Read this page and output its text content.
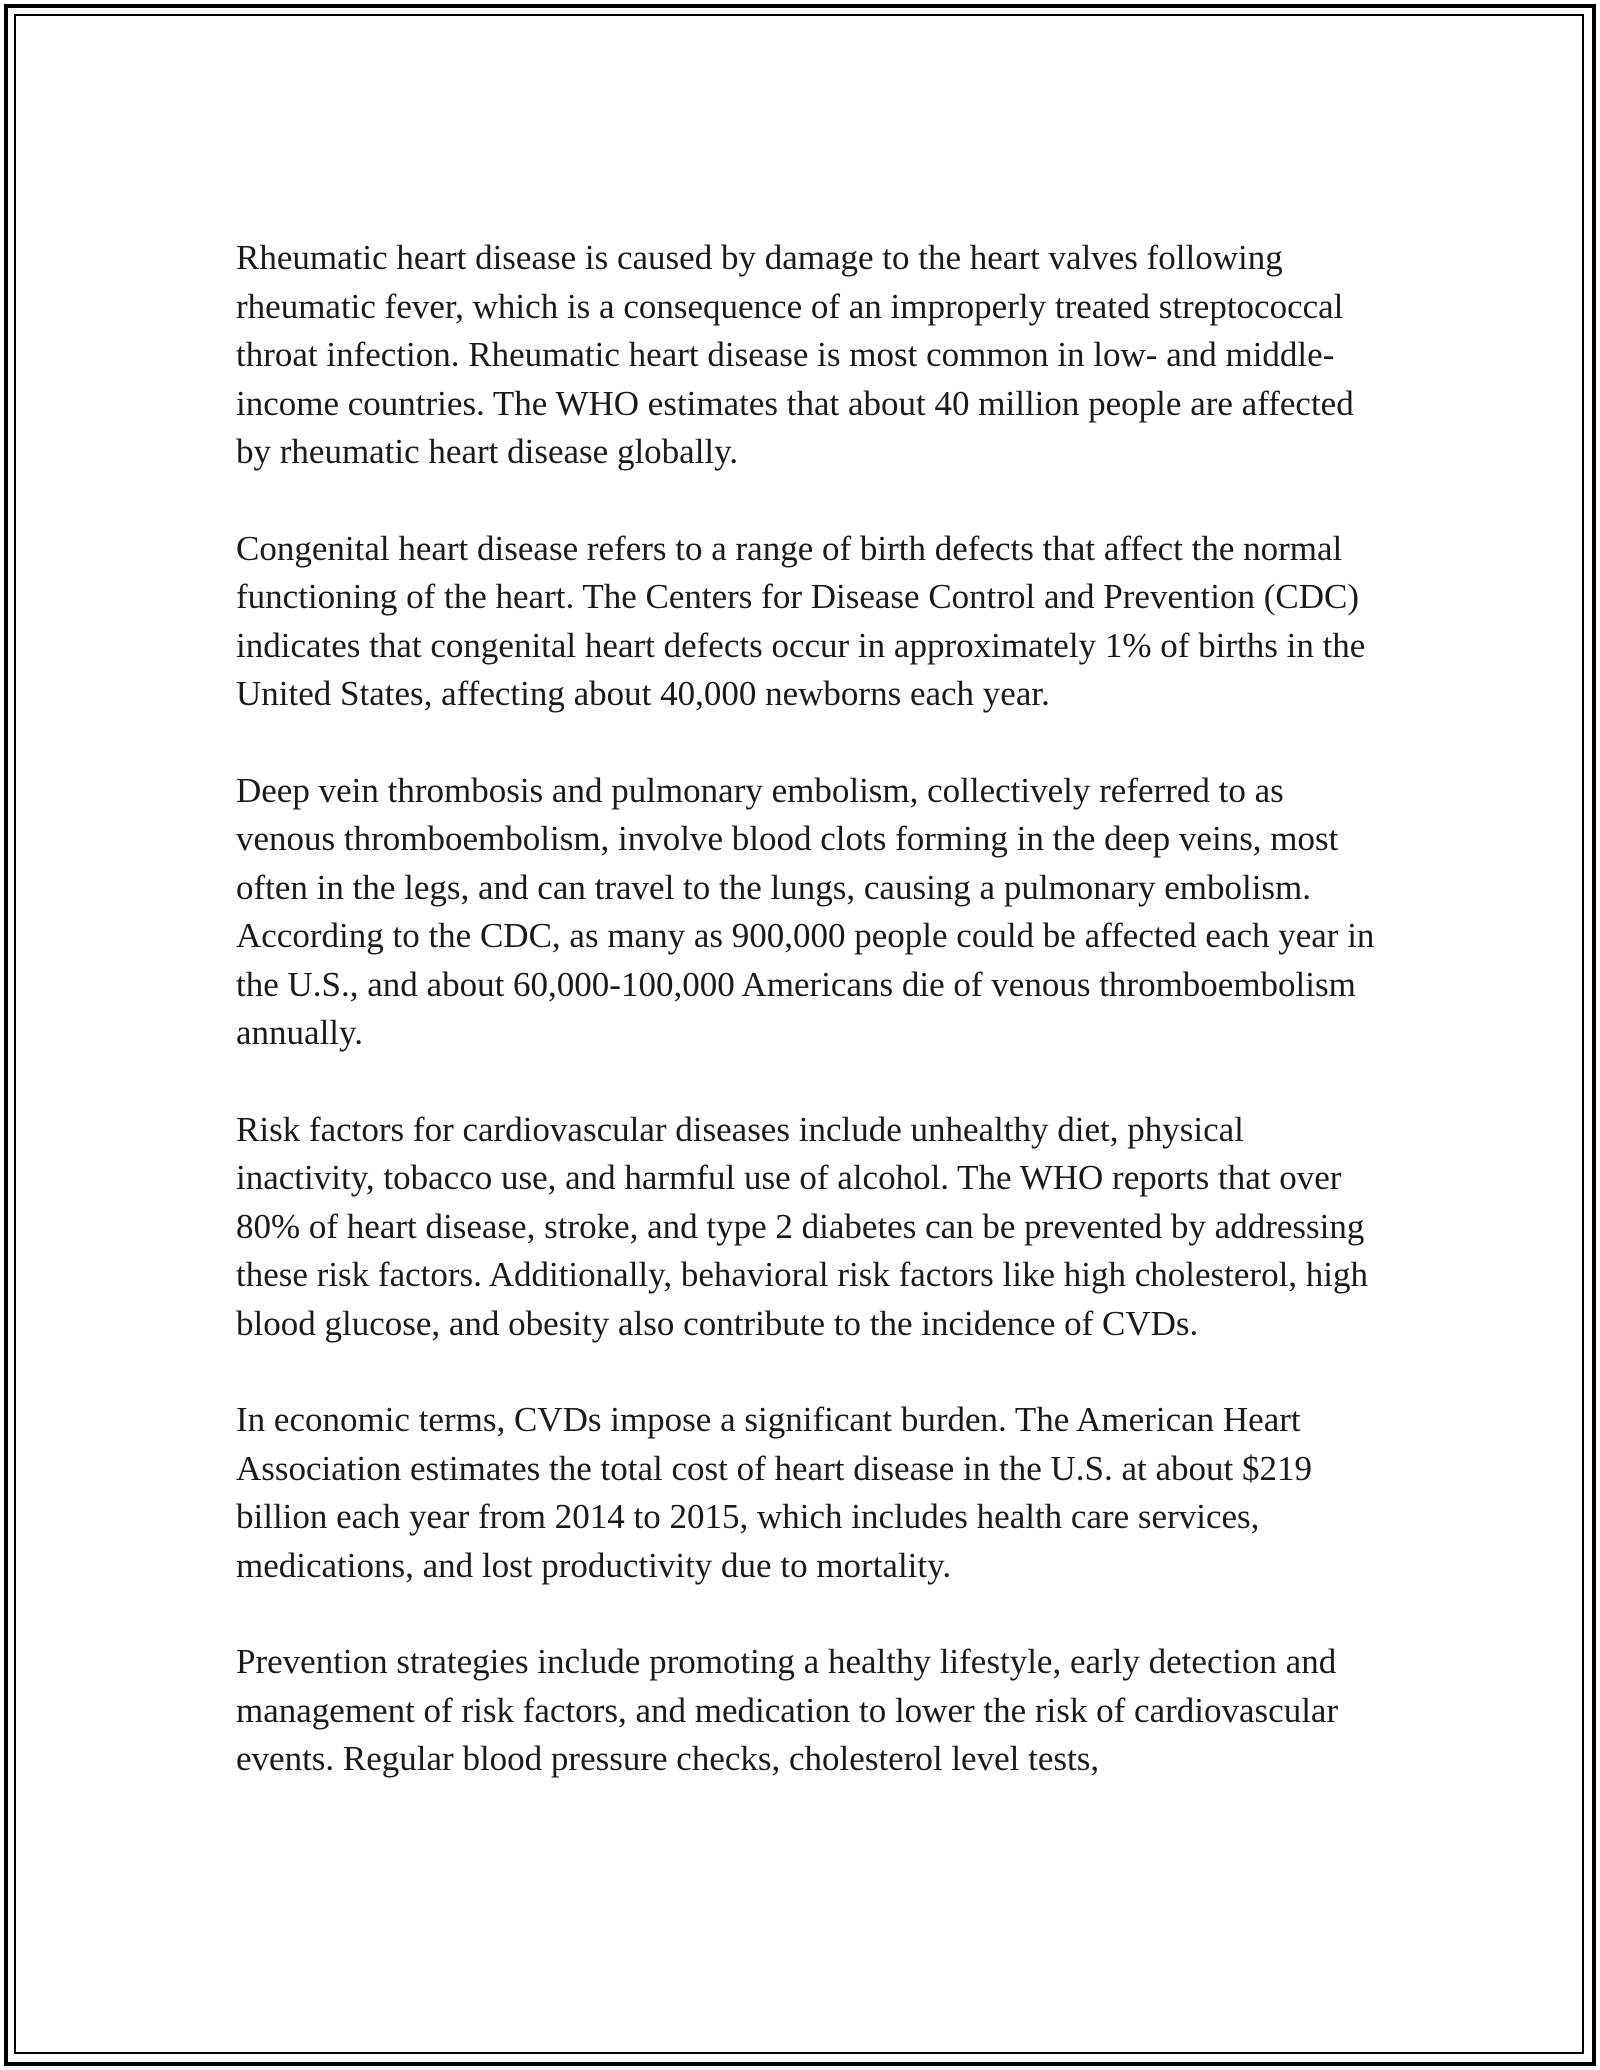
Rheumatic heart disease is caused by damage to the heart valves following rheumatic fever, which is a consequence of an improperly treated streptococcal throat infection. Rheumatic heart disease is most common in low- and middle-income countries. The WHO estimates that about 40 million people are affected by rheumatic heart disease globally.

Congenital heart disease refers to a range of birth defects that affect the normal functioning of the heart. The Centers for Disease Control and Prevention (CDC) indicates that congenital heart defects occur in approximately 1% of births in the United States, affecting about 40,000 newborns each year.

Deep vein thrombosis and pulmonary embolism, collectively referred to as venous thromboembolism, involve blood clots forming in the deep veins, most often in the legs, and can travel to the lungs, causing a pulmonary embolism. According to the CDC, as many as 900,000 people could be affected each year in the U.S., and about 60,000-100,000 Americans die of venous thromboembolism annually.

Risk factors for cardiovascular diseases include unhealthy diet, physical inactivity, tobacco use, and harmful use of alcohol. The WHO reports that over 80% of heart disease, stroke, and type 2 diabetes can be prevented by addressing these risk factors. Additionally, behavioral risk factors like high cholesterol, high blood glucose, and obesity also contribute to the incidence of CVDs.

In economic terms, CVDs impose a significant burden. The American Heart Association estimates the total cost of heart disease in the U.S. at about $219 billion each year from 2014 to 2015, which includes health care services, medications, and lost productivity due to mortality.

Prevention strategies include promoting a healthy lifestyle, early detection and management of risk factors, and medication to lower the risk of cardiovascular events. Regular blood pressure checks, cholesterol level tests,
